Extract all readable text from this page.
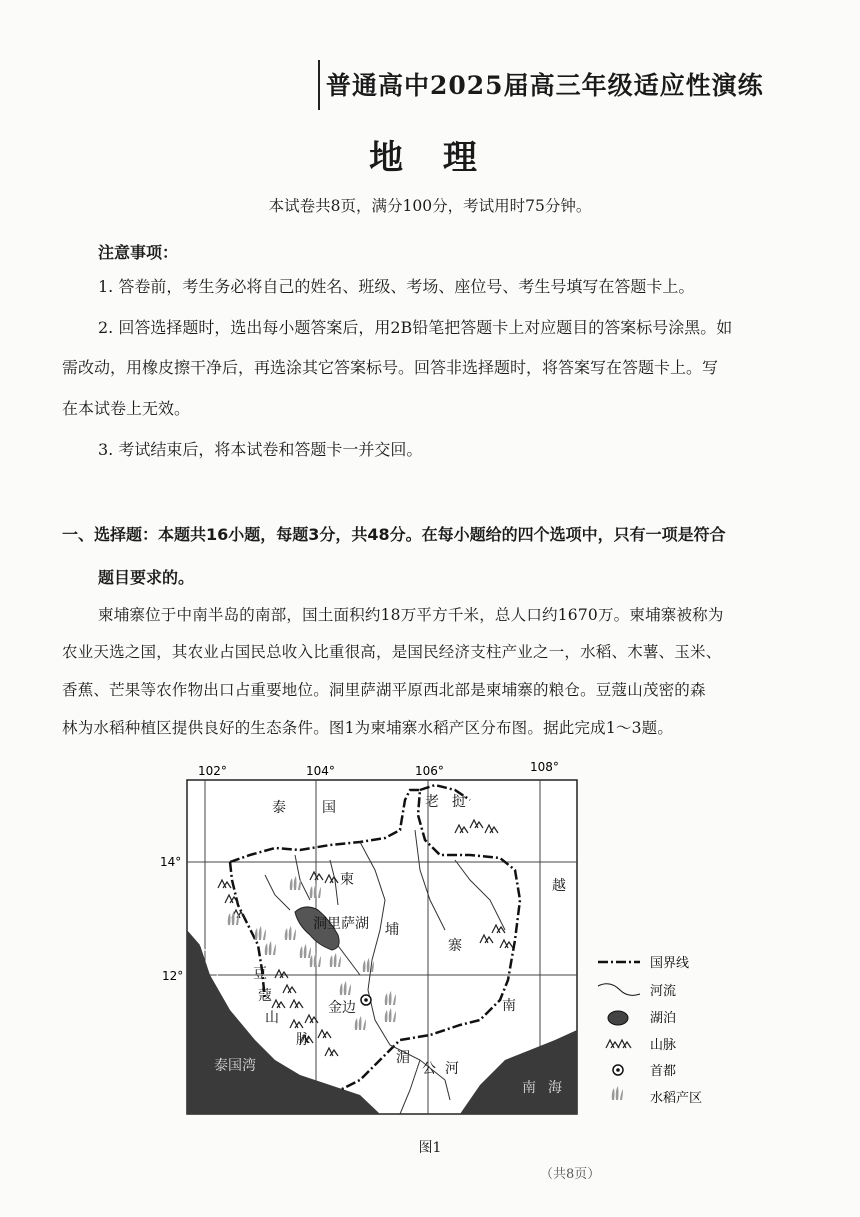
普通高中2025届高三年级适应性演练
地 理
本试卷共8页，满分100分，考试用时75分钟。
注意事项：
1. 答卷前，考生务必将自己的姓名、班级、考场、座位号、考生号填写在答题卡上。
2. 回答选择题时，选出每小题答案后，用2B铅笔把答题卡上对应题目的答案标号涂黑。如
需改动，用橡皮擦干净后，再选涂其它答案标号。回答非选择题时，将答案写在答题卡上。写
在本试卷上无效。
3. 考试结束后，将本试卷和答题卡一并交回。
一、选择题：本题共16小题，每题3分，共48分。在每小题给的四个选项中，只有一项是符合
题目要求的。
柬埔寨位于中南半岛的南部，国土面积约18万平方千米，总人口约1670万。柬埔寨被称为
农业天选之国，其农业占国民总收入比重很高，是国民经济支柱产业之一，水稻、木薯、玉米、
香蕉、芒果等农作物出口占重要地位。洞里萨湖平原西北部是柬埔寨的粮仓。豆蔻山茂密的森
林为水稻种植区提供良好的生态条件。图1为柬埔寨水稻产区分布图。据此完成1～3题。
102°	104°	106°	108°
14°
12°
泰	国	老 挝
越
南
柬
埔
寨
洞里萨湖
豆
蔻
山
脉
金边
湄
公 河
泰国湾
南 海
国界线
河流
湖泊
山脉
首都
水稻产区
图1
（共8页）
